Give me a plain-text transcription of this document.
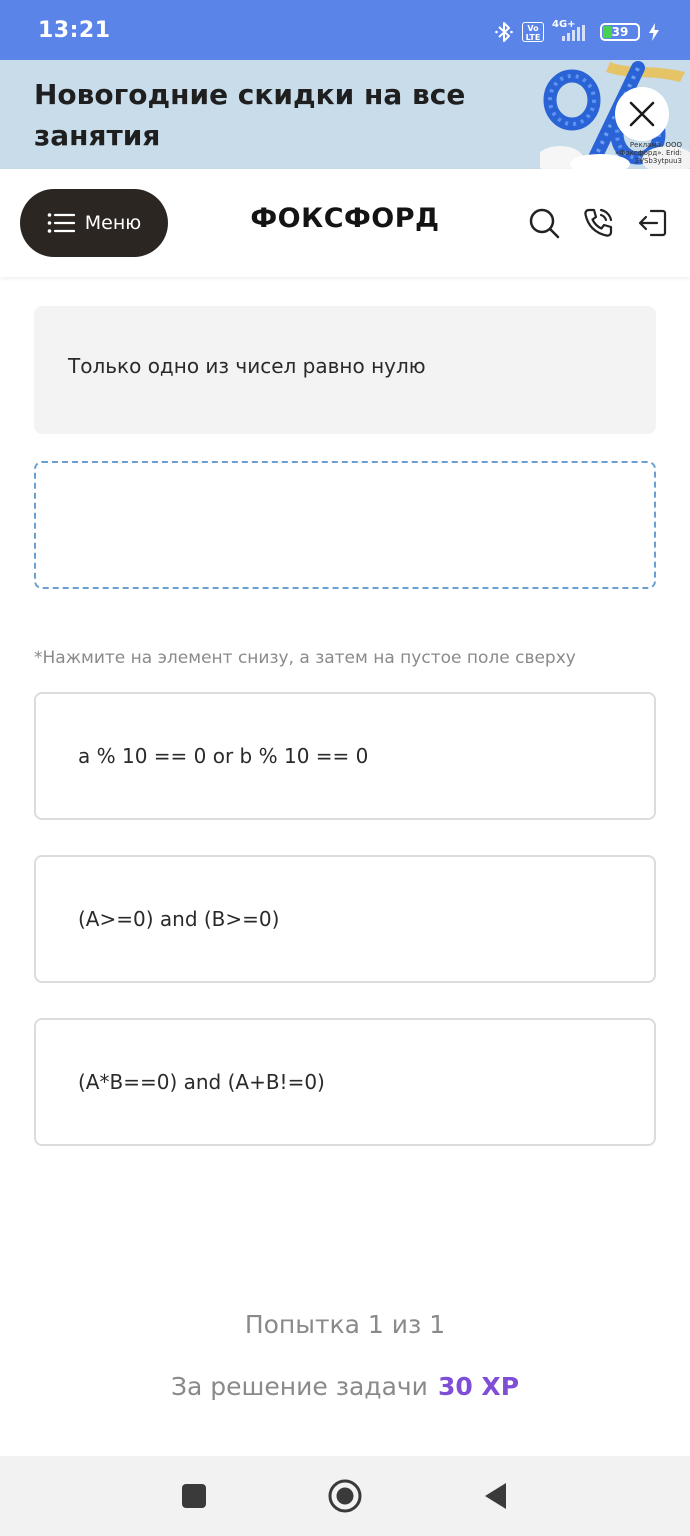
13:21	Vo LTE
4G+
39
Новогодние скидки на все занятия	Реклама. ООО «Фоксфорд». Erid: 2VSb3ytpuu3
Меню	ФОКСФОРД
Только одно из чисел равно нулю
*Нажмите на элемент снизу, а затем на пустое поле сверху
a % 10 == 0 or b % 10 == 0
(A>=0) and (B>=0)
(A*B==0) and (A+B!=0)
Попытка 1 из 1
За решение задачи 30 XP
